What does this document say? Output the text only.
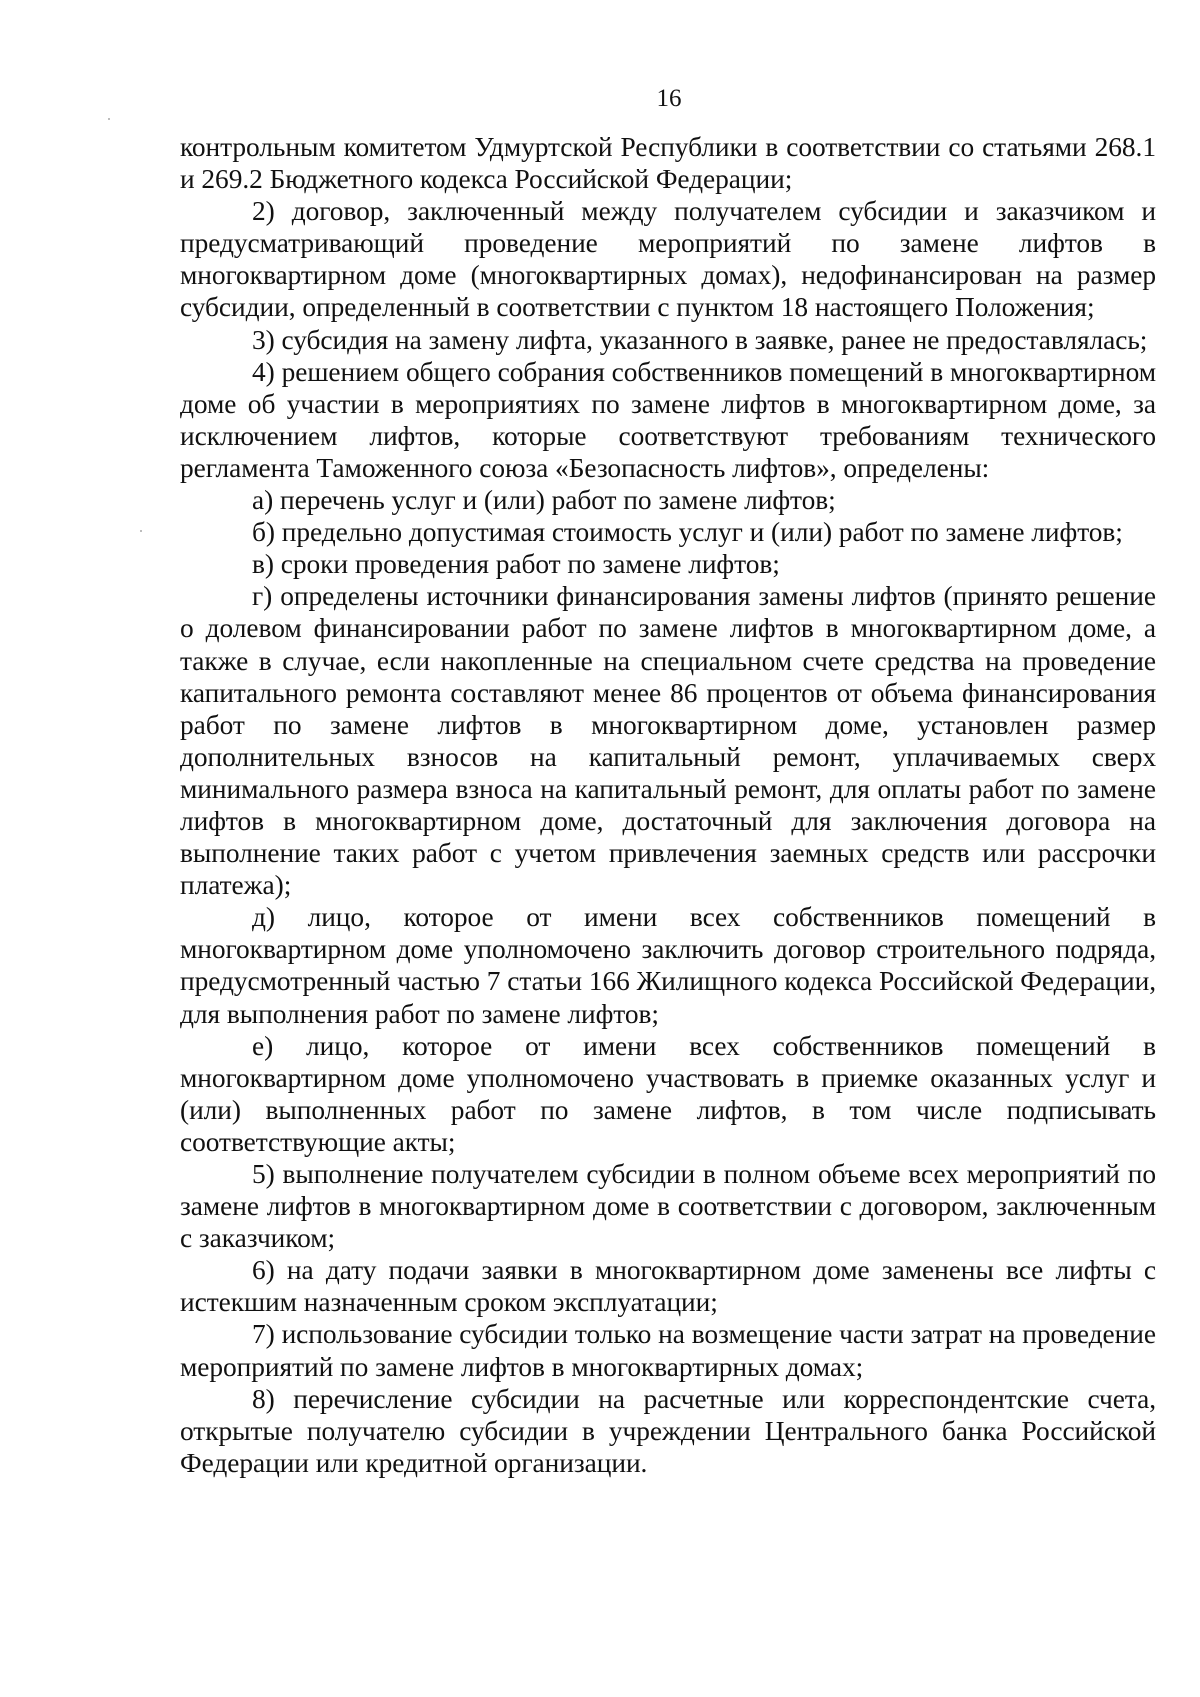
16

контрольным комитетом Удмуртской Республики в соответствии со статьями 268.1 и 269.2 Бюджетного кодекса Российской Федерации;

2) договор, заключенный между получателем субсидии и заказчиком и предусматривающий проведение мероприятий по замене лифтов в многоквартирном доме (многоквартирных домах), недофинансирован на размер субсидии, определенный в соответствии с пунктом 18 настоящего Положения;

3) субсидия на замену лифта, указанного в заявке, ранее не предоставлялась;

4) решением общего собрания собственников помещений в многоквартирном доме об участии в мероприятиях по замене лифтов в многоквартирном доме, за исключением лифтов, которые соответствуют требованиям технического регламента Таможенного союза «Безопасность лифтов», определены:

а) перечень услуг и (или) работ по замене лифтов;

б) предельно допустимая стоимость услуг и (или) работ по замене лифтов;

в) сроки проведения работ по замене лифтов;

г) определены источники финансирования замены лифтов (принято решение о долевом финансировании работ по замене лифтов в многоквартирном доме, а также в случае, если накопленные на специальном счете средства на проведение капитального ремонта составляют менее 86 процентов от объема финансирования работ по замене лифтов в многоквартирном доме, установлен размер дополнительных взносов на капитальный ремонт, уплачиваемых сверх минимального размера взноса на капитальный ремонт, для оплаты работ по замене лифтов в многоквартирном доме, достаточный для заключения договора на выполнение таких работ с учетом привлечения заемных средств или рассрочки платежа);

д) лицо, которое от имени всех собственников помещений в многоквартирном доме уполномочено заключить договор строительного подряда, предусмотренный частью 7 статьи 166 Жилищного кодекса Российской Федерации, для выполнения работ по замене лифтов;

е) лицо, которое от имени всех собственников помещений в многоквартирном доме уполномочено участвовать в приемке оказанных услуг и (или) выполненных работ по замене лифтов, в том числе подписывать соответствующие акты;

5) выполнение получателем субсидии в полном объеме всех мероприятий по замене лифтов в многоквартирном доме в соответствии с договором, заключенным с заказчиком;

6) на дату подачи заявки в многоквартирном доме заменены все лифты с истекшим назначенным сроком эксплуатации;

7) использование субсидии только на возмещение части затрат на проведение мероприятий по замене лифтов в многоквартирных домах;

8) перечисление субсидии на расчетные или корреспондентские счета, открытые получателю субсидии в учреждении Центрального банка Российской Федерации или кредитной организации.
